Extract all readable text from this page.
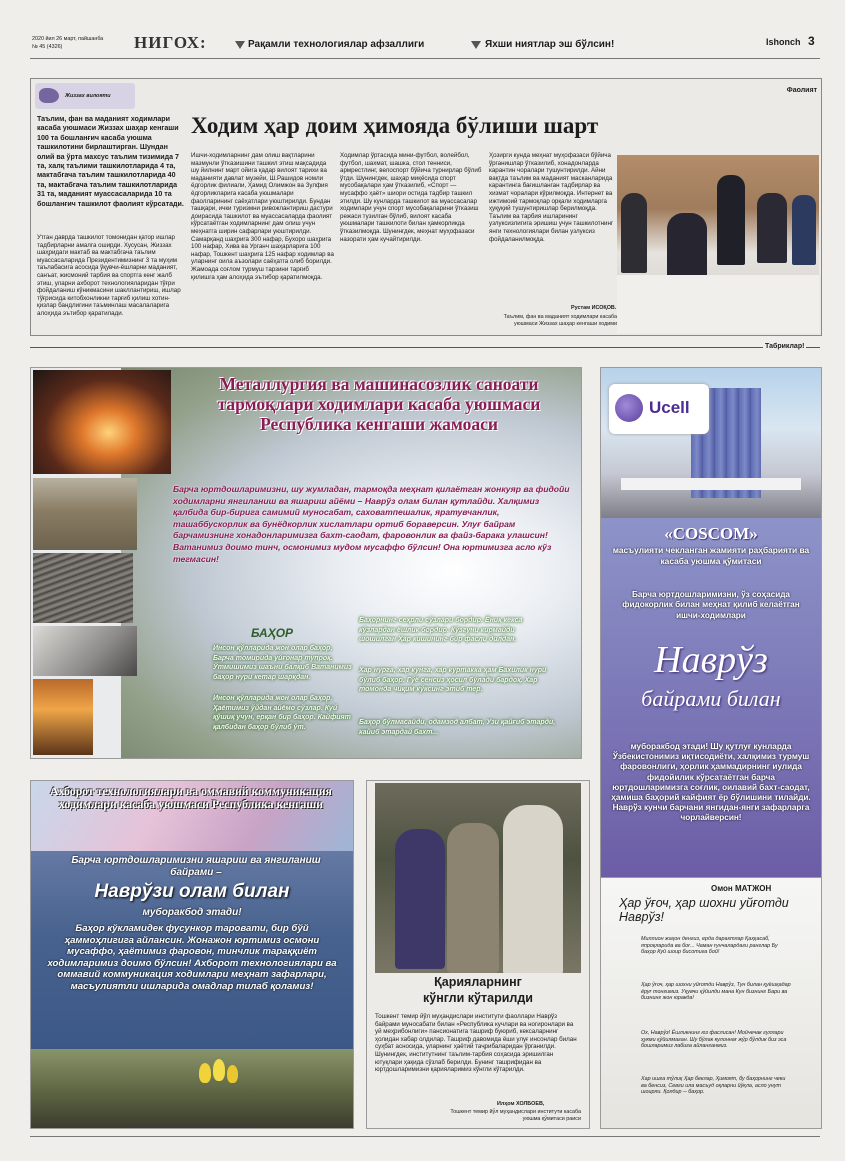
2020 йил 26 март, пайшанба
№ 45 (4326)	НИГОХ:	Рақамли технологиялар афзаллиги	Яхши ниятлар эш бўлсин!	Ishonch 3
Жиззах вилояти
Фаолият
Таълим, фан ва маданият ходимлари касаба уюшмаси Жиззах шаҳар кенгаши 100 та бошланғич касаба уюшма ташкилотини бирлаштирган. Шундан олий ва ўрта махсус таълим тизимида 7 та, халқ таълими ташкилотларида 4 та, мактабгача таълим ташкилотларида 40 та, мактабгача таълим ташкилотларида 31 та, маданият муассасаларида 10 та бошланғич ташкилот фаолият кўрсатади.
Ходим ҳар доим ҳимояда бўлиши шарт
Ўтган даврда ташкилот томонидан қатор ишлар тадбирларни амалга оширди. Хусусан, Жиззах шаҳридаги мактаб ва мактабгача таълим муассасаларида Президентимизнинг 3 та муҳим таълабасига асосида ўқувчи-ёшларни маданият, санъат, жисмоний тарбия ва спортга кенг жалб этиш, уларни ахборот технологияларидан тўғри фойдаланиш кўникмасини шакллантириш, ишлар тўғрисида китобхонликни тарғиб қилиш хотин-қизлар бандлигини таъминлаш масалаларига алоҳида эътибор қаратилади.
Ишчи-ходимларнинг дам олиш вақтларини мазмунли ўтказишини ташкил этиш мақсадида шу йилнинг март ойига қадар вилоят тарихи ва маданияти давлат музейи, Ш.Рашидов номли ёдгорлик филиали, Ҳамид Олимжон ва Зулфия ёдгорликларига касаба уюшмалари фаолларининг саёҳатлари уюштирилди. Бундан ташқари, ички туризмни ривожлантириш дастури доирасида ташкилот ва муассасаларда фаолият кўрсатаётган ходимларнинг дам олиш учун меҳнатга ширин сафарлари уюштирилди. Самарқанд шаҳрига 300 нафар, Бухоро шаҳрига 100 нафар, Хива ва Урганч шаҳарларига 100 нафар, Тошкент шаҳрига 125 нафар ходимлар ва уларнинг оила аъзолари саёҳатга олиб борилди. Жамоада соғлом турмуш тарзини тарғиб қилишга ҳам алоҳида эътибор қаратилмоқда.
Ходимлар ўртасида мини-футбол, волейбол, футбол, шахмат, шашка, стол тенниси, армрестлинг, велоспорт бўйича турнирлар бўлиб ўтди. Шунингдек, шаҳар миқёсида спорт мусобақалари ҳам ўтказилиб, «Спорт — мусаффо ҳаёт» шиори остида тадбир ташкил этилди. Шу кунларда ташкилот ва муассасалар ходимлари учун спорт мусобақаларини ўтказиш режаси тузилган бўлиб, вилоят касаба уюшмалари ташкилоти билан ҳамкорликда ўтказилмоқда. Шунингдек, меҳнат муҳофазаси назорати ҳам кучайтирилди.
Ҳозирги кунда меҳнат муҳофазаси бўйича ўрганишлар ўтказилиб, хонадонларда карантин чоралари тушунтирилди. Айни вақтда таълим ва маданият масканларида карантинга бағишланган тадбирлар ва хизмат чоралари кўрилмоқда. Интернет ва ижтимоий тармоқлар орқали ходимларга ҳуқуқий тушунтиришлар берилмоқда. Таълим ва тарбия ишларининг узлуксизлигига эришиш учун ташкилотнинг янги технологиялари билан узлуксиз фойдаланилмоқда.
Рустам ИСОҚОВ.
Таълим, фан ва маданият ходимлари касаба уюшмаси Жиззах шаҳар кенгаши ходими
Табриклар!
Металлургия ва машинасозлик саноати тармоқлари ходимлари касаба уюшмаси Республика кенгаши жамоаси
Барча юртдошларимизни, шу жумладан, тармоқда меҳнат қилаётган жонкуяр ва фидойи ходимларни янгиланиш ва яшариш айёми – Наврўз олам билан қутлайди. Халқимиз қалбида бир-бирига самимий муносабат, саховатпешалик, яратувчанлик, ташаббускорлик ва бунёдкорлик хислатлари ортиб бораверсин. Улуғ байрам барчамизнинг хонадонларимизга бахт-саодат, фаровонлик ва файз-барака улашсин! Ватанимиз доимо тинч, осмонимиз мудом мусаффо бўлсин! Она юртимизга асло кўз тегмасин!
БАҲОР
Инсон қўлларида жон олар баҳор, Барча томирида уйғонар тупроқ. Ўтмишимиз шаъни балқиб Ватанимиз баҳор нури кетар шарқдан.
Инсон қўлларида жон олар баҳор, Ҳаётимиз ўйдан айёмо сўзлар. Куй қўшиқ учун, ерқан бир баҳор. Кайфият қалбидан баҳор бўлиб ўт.
Баҳорнинг сеҳрли сўзлари бордир. Ёниқ кекса кўзлардан ёшлик бордир. Кўзгуни кирмайди шошилган Ҳар кишининг бир фасли дилдан.
Хар нурга, хар кунга, хар куртакка ҳам Бахилик нури бўлиб баҳор. Гўё сенсиз ҳосил бўлади бардоқ. Хар томонда чиқим кўксинг этиб тер.
Баҳор бўлмасайди, одамзод албат, Узи қайғиб этарди, кайиб этардай бахт...
Ucell
«COSCOM»
масъулияти чекланган жамияти раҳбарияти ва касаба уюшма қўмитаси
Барча юртдошларимизни, ўз соҳасида фидокорлик билан меҳнат қилиб келаётган ишчи-ходимлари
Наврўз
байрами билан
муборакбод этади! Шу қутлуғ кунларда Ўзбекистонимиз иқтисодиёти, халқимиз турмуш фаровонлиги, ҳорлик ҳаммадирнинг иулида фидойилик кўрсатаётган барча юртдошларимизга соғлик, оилавий бахт-саодат, ҳамиша баҳорий кайфият ёр бўлишини тилайди. Наврўз кунчи барчани янгидан-янги зафарларга чорлайверсин!
Омон МАТЖОН
Ҳар ўғоч, ҳар шохни уйғотди Наврўз!
Миллион жаҳон денгиз, ерда дарахтлар Қаҳқасаб, япроқларида ва боғ... Чаман ғунчалардаги ранглар Бу баҳор Куй шоир бисотига бой!
Ҳар ўғоч, ҳар шохни уйғотди Наврўз, Тун билан қуёшқадар ёруғ тонгимиз. Уқувчи қўйилди мана Кун бизнинг Бари ва бизнинг жон юракда!
Ох, Наврўз! Ёшликнинг юз фаслисан! Мойчечак гуллари ҳукми қўйилмаган. Шу бўлак кулоннағ жўр бўлдик биз эса бошларимиз лабига айланганмиз.
Хар ишга тўлиқ Ҳар беклар, Ҳимоят, бу баҳорнинг чеки ва бенсиз, Севги ила масъуд оқларни йўқла, асло унут шоирли. Қолдир ─ баҳор.
Ахборот технологиялари ва оммавий коммуникация ходимлари касаба уюшмаси Республика кенгаши
Барча юртдошларимизни яшариш ва янгиланиш байрами –
Наврўзи олам билан
муборакбод этади!
Баҳор кўкламидек фусункор таровати, бир бўй ҳаммоҳлигига айлансин. Жонажон юртимиз осмони мусаффо, ҳаётимиз фаровон, тинчлик тараққиёт ходимларимиз доимо бўлсин! Ахборот технологиялари ва оммавий коммуникация ходимлари меҳнат зафарлари, масъулиятли ишларида омадлар тилаб қоламиз!	Қарияларнинг
кўнгли кўтарилди
Тошкент темир йўл муҳандислари институти фаоллари Наврўз байрами муносабати билан «Республика кучлари ва ногиронлари ва уй меҳрибонлиги» пансионатига ташриф буюриб, кексаларнинг ҳолидан хабар олдилар. Ташриф давомида ёши улуғ инсонлар билан суҳбат асносида, уларнинг ҳаётий таҷрибаларидан ўрганилди. Шунингдек, институтнинг таълим-тарбия соҳасида эришилган ютуқлари ҳақида сўзлаб берилди. Бунинг ташрифидан ва юртдошларимизни қарияларимиз кўнгли кўтарилди.
Илҳом ХОЛБОЕВ,
Тошкент темир йўл муҳандислари институти касаба уюшма қўмитаси раиси
